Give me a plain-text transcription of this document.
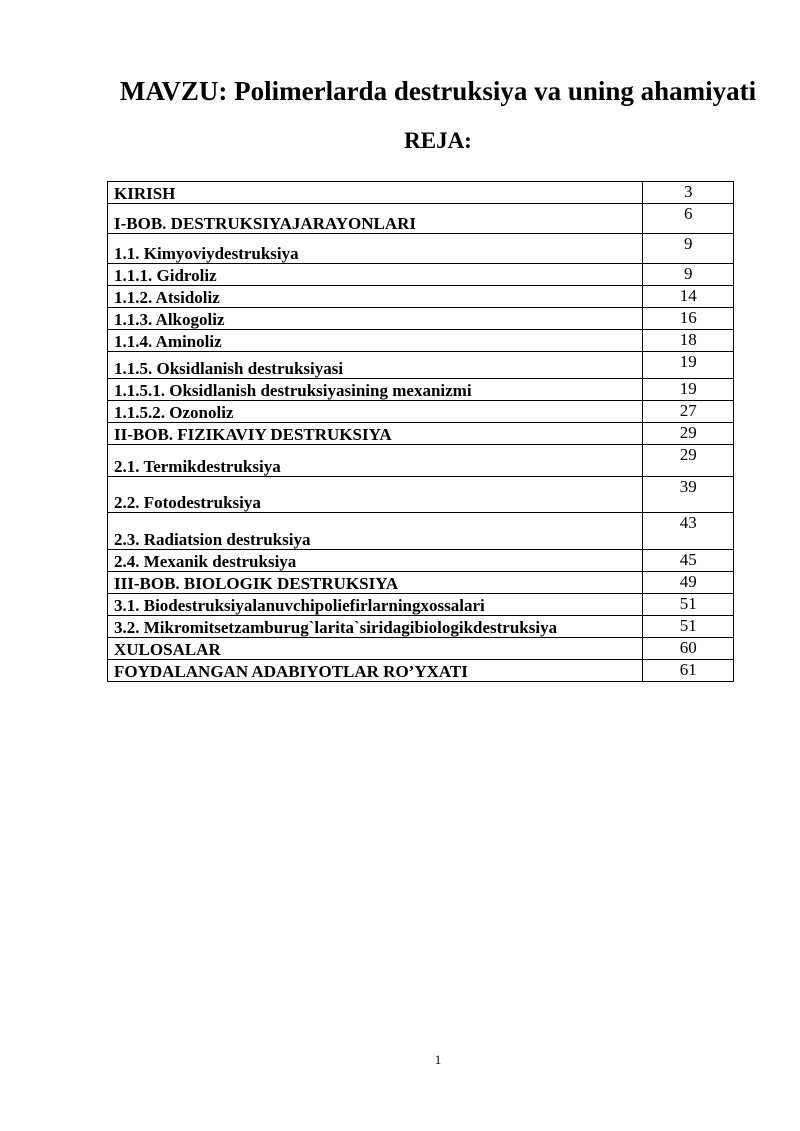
MAVZU: Polimerlarda destruksiya va uning ahamiyati
REJA:
KIRISH	3
I-BOB. DESTRUKSIYAJARAYONLARI	6
1.1. Kimyoviydestruksiya	9
1.1.1. Gidroliz	9
1.1.2. Atsidoliz	14
1.1.3. Alkogoliz	16
1.1.4. Aminoliz	18
1.1.5. Oksidlanish destruksiyasi	19
1.1.5.1. Oksidlanish destruksiyasining mexanizmi	19
1.1.5.2. Ozonoliz	27
II-BOB. FIZIKAVIY DESTRUKSIYA	29
2.1. Termikdestruksiya	29
2.2. Fotodestruksiya	39
2.3. Radiatsion destruksiya	43
2.4. Mexanik destruksiya	45
III-BOB. BIOLOGIK DESTRUKSIYA	49
3.1. Biodestruksiyalanuvchipoliefirlarningxossalari	51
3.2. Mikromitsetzamburug`larita`siridagibiologikdestruksiya	51
XULOSALAR	60
FOYDALANGAN ADABIYOTLAR RO’YXATI	61
1
